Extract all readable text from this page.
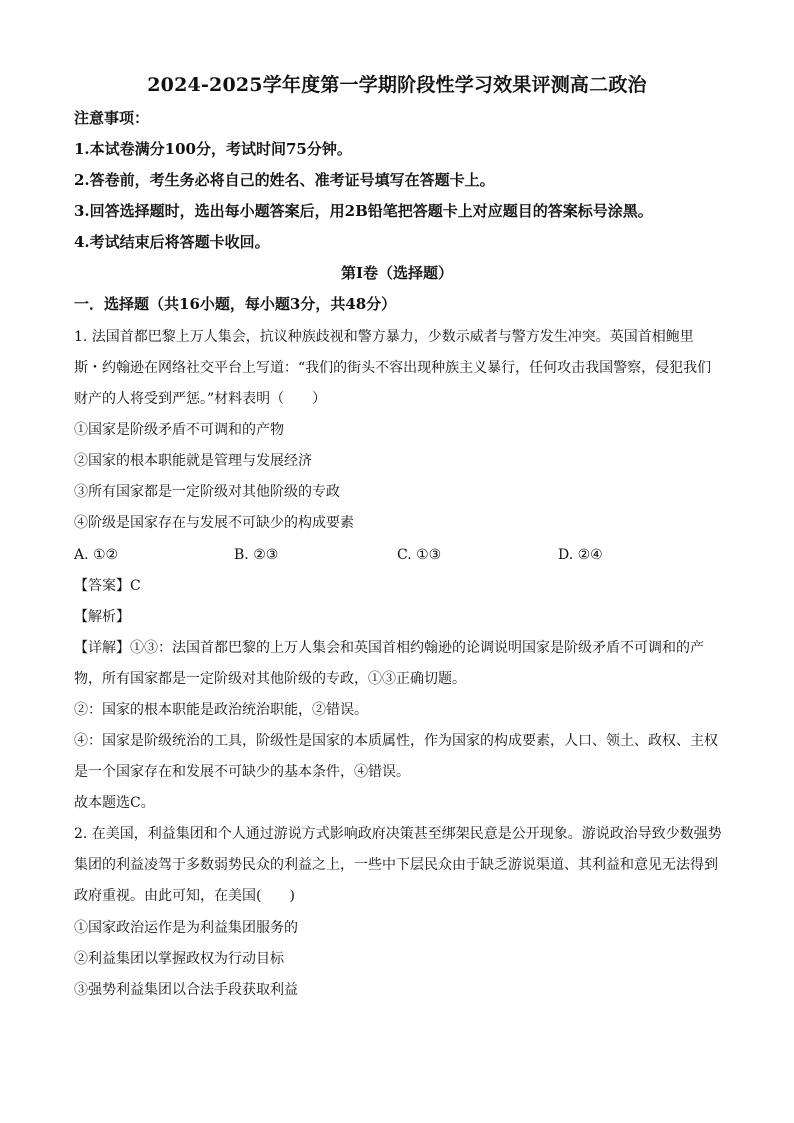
2024-2025学年度第一学期阶段性学习效果评测高二政治
注意事项：
1.本试卷满分100分，考试时间75分钟。
2.答卷前，考生务必将自己的姓名、准考证号填写在答题卡上。
3.回答选择题时，选出每小题答案后，用2B铅笔把答题卡上对应题目的答案标号涂黑。
4.考试结束后将答题卡收回。
第Ⅰ卷（选择题）
一．选择题（共16小题，每小题3分，共48分）
1. 法国首都巴黎上万人集会，抗议种族歧视和警方暴力，少数示威者与警方发生冲突。英国首相鲍里
斯・约翰逊在网络社交平台上写道：“我们的街头不容出现种族主义暴行，任何攻击我国警察，侵犯我们
财产的人将受到严惩。”材料表明（　　）
①国家是阶级矛盾不可调和的产物
②国家的根本职能就是管理与发展经济
③所有国家都是一定阶级对其他阶级的专政
④阶级是国家存在与发展不可缺少的构成要素
A. ①②	B. ②③	C. ①③	D. ②④
【答案】C
【解析】
【详解】①③：法国首都巴黎的上万人集会和英国首相约翰逊的论调说明国家是阶级矛盾不可调和的产
物，所有国家都是一定阶级对其他阶级的专政，①③正确切题。
②：国家的根本职能是政治统治职能，②错误。
④：国家是阶级统治的工具，阶级性是国家的本质属性，作为国家的构成要素，人口、领土、政权、主权
是一个国家存在和发展不可缺少的基本条件，④错误。
故本题选C。
2. 在美国，利益集团和个人通过游说方式影响政府决策甚至绑架民意是公开现象。游说政治导致少数强势
集团的利益凌驾于多数弱势民众的利益之上，一些中下层民众由于缺乏游说渠道、其利益和意见无法得到
政府重视。由此可知，在美国(　　)
①国家政治运作是为利益集团服务的
②利益集团以掌握政权为行动目标
③强势利益集团以合法手段获取利益
